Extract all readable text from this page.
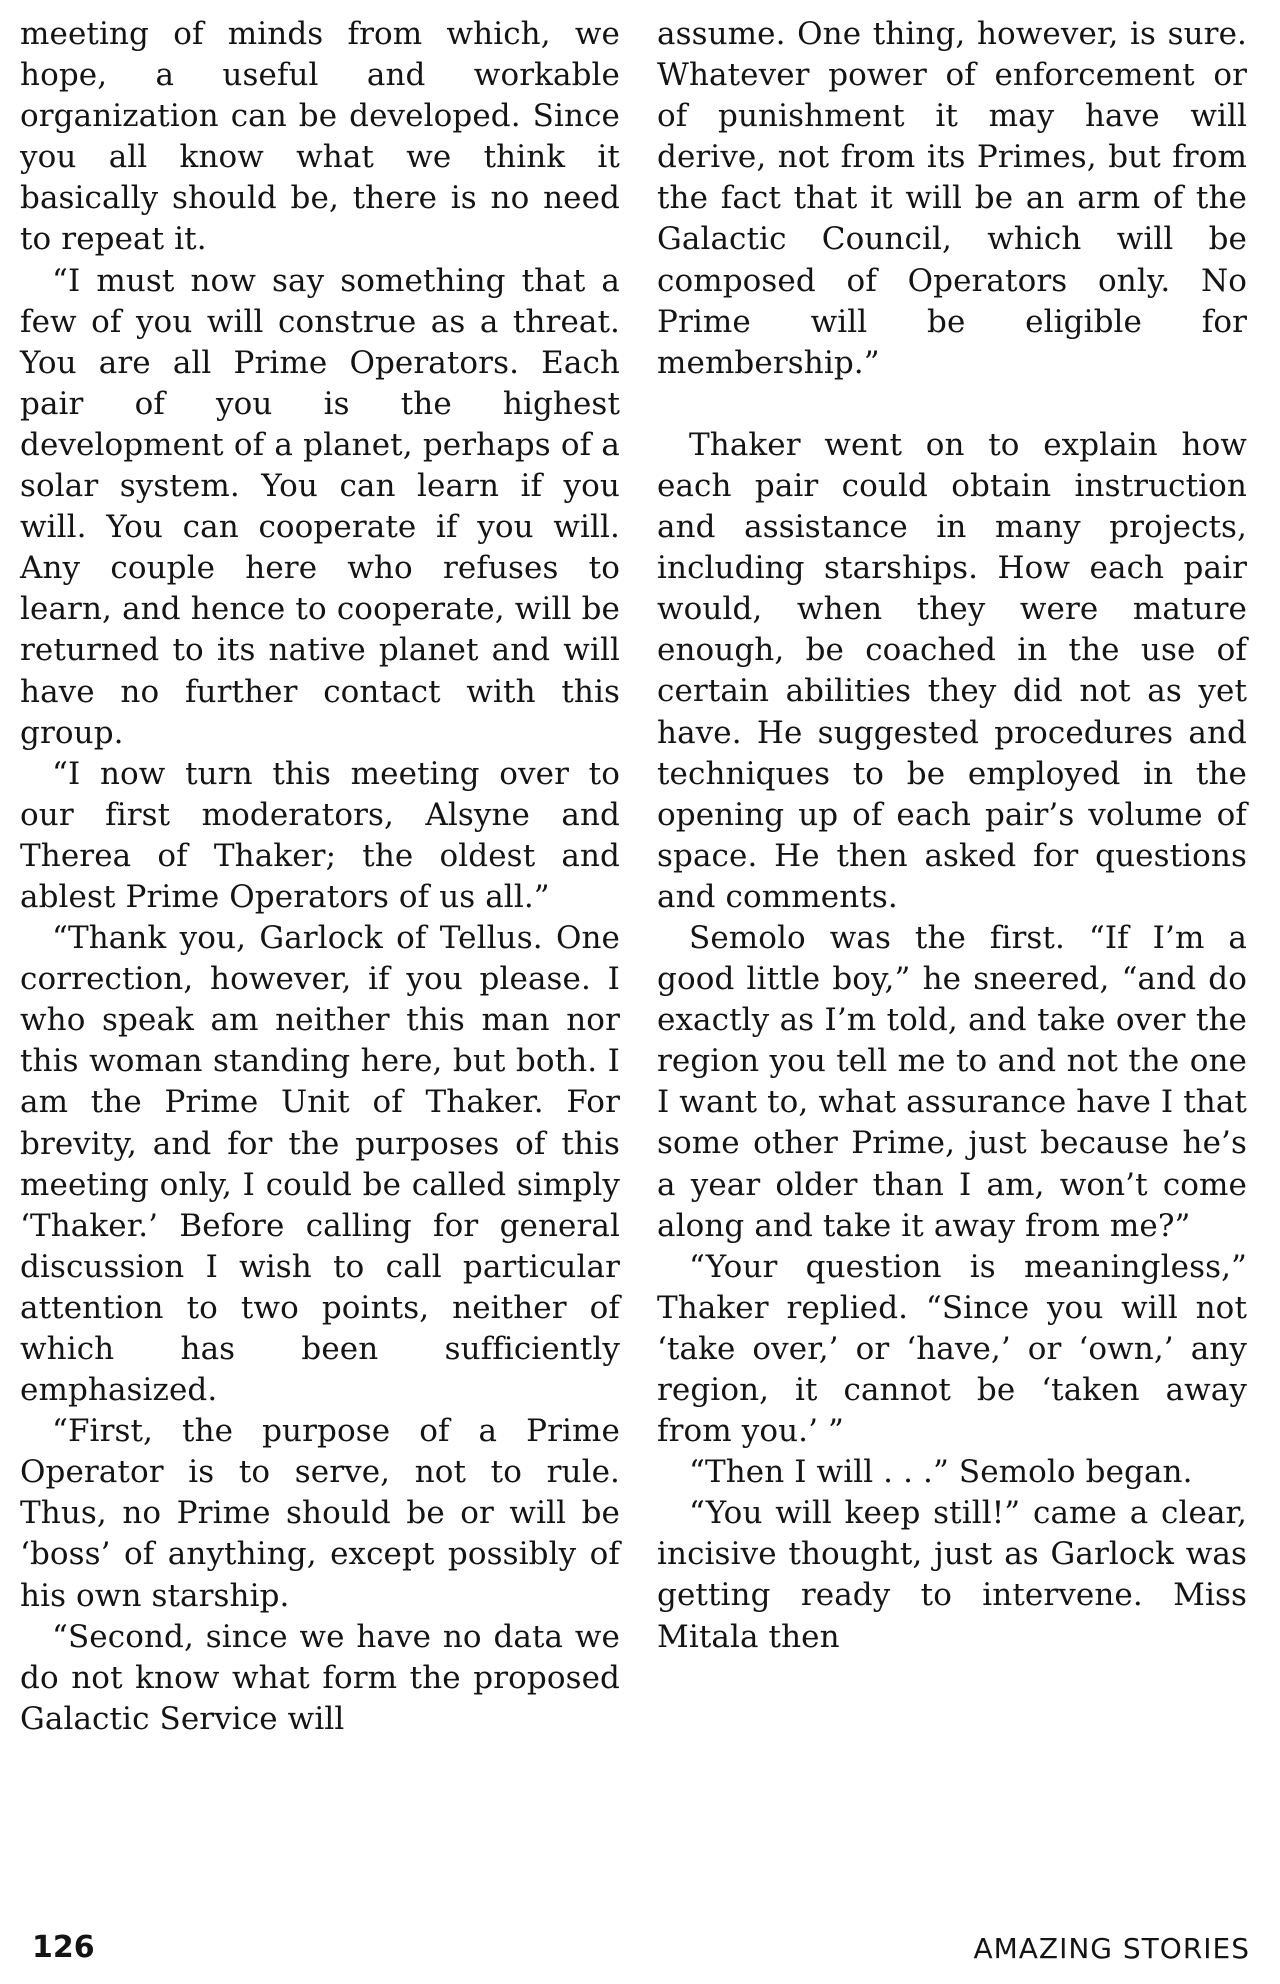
meeting of minds from which, we hope, a useful and workable organization can be developed. Since you all know what we think it basically should be, there is no need to repeat it.

“I must now say something that a few of you will construe as a threat. You are all Prime Operators. Each pair of you is the highest development of a planet, perhaps of a solar system. You can learn if you will. You can cooperate if you will. Any couple here who refuses to learn, and hence to cooperate, will be returned to its native planet and will have no further contact with this group.

“I now turn this meeting over to our first moderators, Alsyne and Therea of Thaker; the oldest and ablest Prime Operators of us all.”

“Thank you, Garlock of Tellus. One correction, however, if you please. I who speak am neither this man nor this woman standing here, but both. I am the Prime Unit of Thaker. For brevity, and for the purposes of this meeting only, I could be called simply ‘Thaker.’ Before calling for general discussion I wish to call particular attention to two points, neither of which has been sufficiently emphasized.

“First, the purpose of a Prime Operator is to serve, not to rule. Thus, no Prime should be or will be ‘boss’ of anything, except possibly of his own starship.

“Second, since we have no data we do not know what form the proposed Galactic Service will

assume. One thing, however, is sure. Whatever power of enforcement or of punishment it may have will derive, not from its Primes, but from the fact that it will be an arm of the Galactic Council, which will be composed of Operators only. No Prime will be eligible for membership.”

Thaker went on to explain how each pair could obtain instruction and assistance in many projects, including starships. How each pair would, when they were mature enough, be coached in the use of certain abilities they did not as yet have. He suggested procedures and techniques to be employed in the opening up of each pair’s volume of space. He then asked for questions and comments.

Semolo was the first. “If I’m a good little boy,” he sneered, “and do exactly as I’m told, and take over the region you tell me to and not the one I want to, what assurance have I that some other Prime, just because he’s a year older than I am, won’t come along and take it away from me?”

“Your question is meaningless,” Thaker replied. “Since you will not ‘take over,’ or ‘have,’ or ‘own,’ any region, it cannot be ‘taken away from you.’ ”

“Then I will . . .” Semolo began.

“You will keep still!” came a clear, incisive thought, just as Garlock was getting ready to intervene. Miss Mitala then

126	AMAZING STORIES
